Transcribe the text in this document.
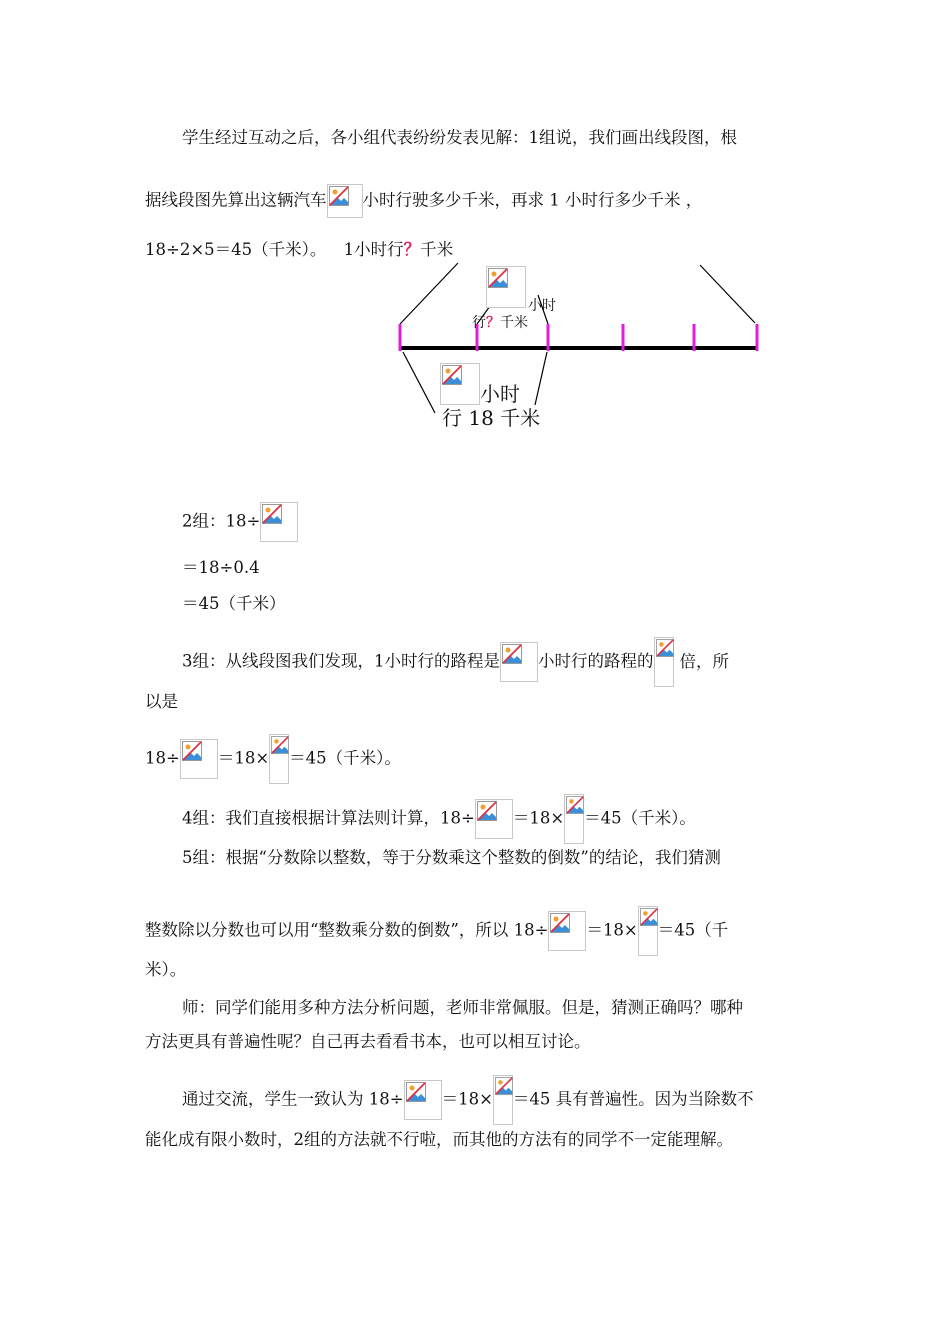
学生经过互动之后，各小组代表纷纷发表见解：1组说，我们画出线段图，根
据线段图先算出这辆汽车 小时行驶多少千米，再求 1 小时行多少千米 ，
18÷2×5＝45（千米）。 1小时行？千米
小时
行？千米
小时
行 18 千米
2组：18÷
＝18÷0.4
＝45（千米）
3组：从线段图我们发现，1小时行的路程是 小时行的路程的 倍，所
以是
18÷ ＝18× ＝45（千米）。
4组：我们直接根据计算法则计算，18÷ ＝18× ＝45（千米）。
5组：根据“分数除以整数，等于分数乘这个整数的倒数”的结论，我们猜测
整数除以分数也可以用“整数乘分数的倒数”，所以 18÷ ＝18× ＝45（千
米）。
师：同学们能用多种方法分析问题，老师非常佩服。但是，猜测正确吗？哪种
方法更具有普遍性呢？自己再去看看书本，也可以相互讨论。
通过交流，学生一致认为 18÷ ＝18× ＝45 具有普遍性。因为当除数不
能化成有限小数时，2组的方法就不行啦，而其他的方法有的同学不一定能理解。
